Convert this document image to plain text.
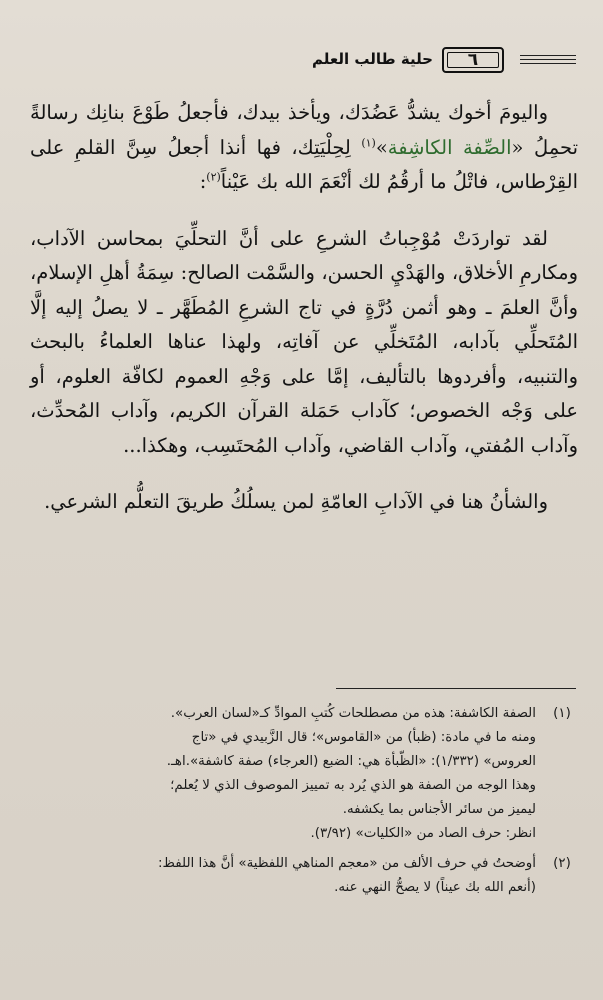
حلية طالب العلم	٦

واليومَ أخوك يشدُّ عَضُدَك، ويأخذ بيدك، فأجعلُ طَوْعَ بنانِك رسالةً تحمِلُ «الصِّفة الكاشِفة»$^{(١)}$ لِحِلْيَتِك، فها أنذا أجعلُ سِنَّ القلمِ على القِرْطاس، فاتْلُ ما أرقُمُ لك أنْعَمَ الله بك عَيْناً$^{(٢)}$:

لقد تواردَتْ مُوْجِباتُ الشرعِ على أنَّ التحلِّيَ بمحاسن الآداب، ومكارمِ الأخلاق، والهَدْيِ الحسن، والسَّمْت الصالح: سِمَةُ أهلِ الإسلام، وأنَّ العلمَ ـ وهو أثمن دُرَّةٍ في تاج الشرعِ المُطَهَّر ـ لا يصلُ إليه إلَّا المُتَحلِّي بآدابه، المُتَخلِّي عن آفاتِه، ولهذا عناها العلماءُ بالبحث والتنبيه، وأفردوها بالتأليف، إمَّا على وَجْهِ العموم لكافّة العلوم، أو على وَجْه الخصوص؛ كآداب حَمَلة القرآن الكريم، وآداب المُحدِّث، وآداب المُفتي، وآداب القاضي، وآداب المُحتَسِب، وهكذا...

والشأنُ هنا في الآدابِ العامّةِ لمن يسلُكُ طريقَ التعلُّم الشرعي.

(١)
الصفة الكاشفة: هذه من مصطلحات كُتبِ الموادِّ كـ«لسان العرب».
ومنه ما في مادة: (ظبأ) من «القاموس»؛ قال الزَّبيدي في «تاج
العروس» (١/٣٣٢): «الظَّبأة هي: الضبع (العرجاء) صفة كاشفة».اهـ.
وهذا الوجه من الصفة هو الذي يُرد به تمييز الموصوف الذي لا يُعلم؛
ليميز من سائر الأجناس بما يكشفه.
انظر: حرف الصاد من «الكليات» (٣/٩٢).
(٢)
أوضحتُ في حرف الألف من «معجم المناهي اللفظية» أنَّ هذا اللفظ:
(أنعم الله بك عيناً) لا يصحُّ النهي عنه.
